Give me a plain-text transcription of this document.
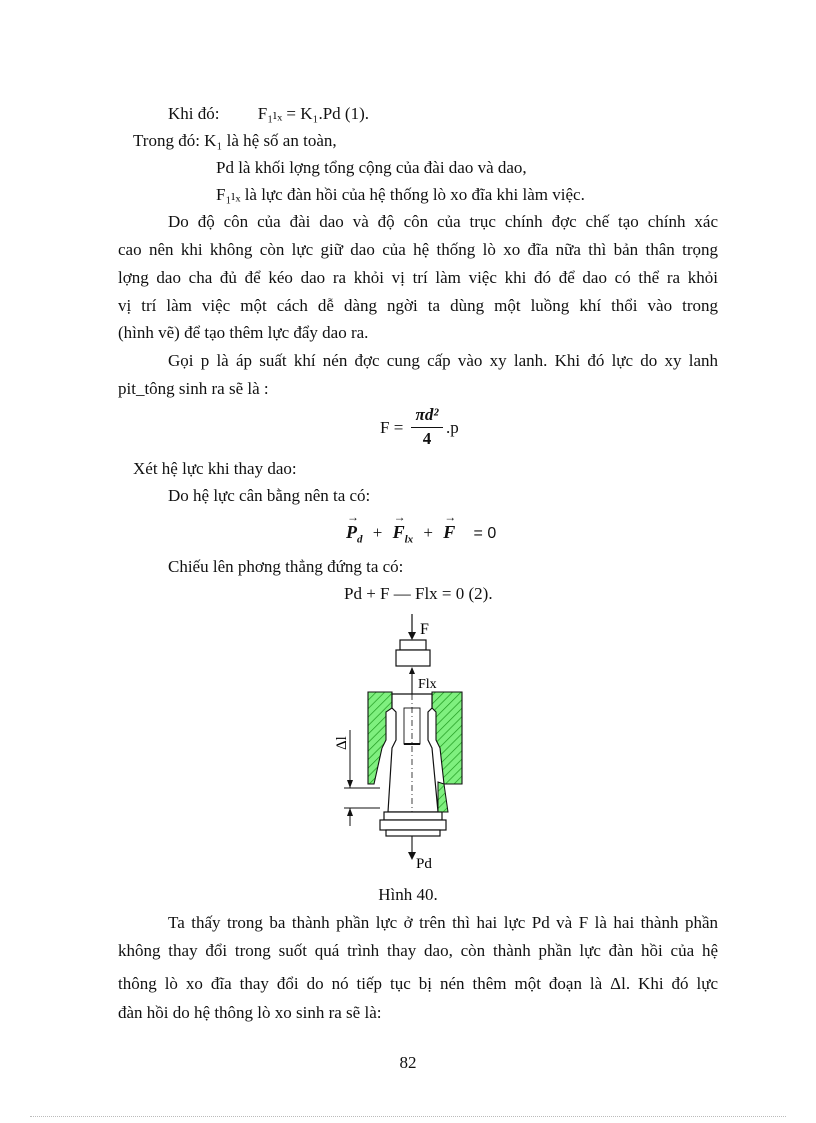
Khi đó: F₁ₗₓ = K₁.Pd (1).
Trong đó: K₁ là hệ số an toàn,
Pd là khối lợng tổng cộng của đài dao và dao,
F₁ₗₓ là lực đàn hồi của hệ thống lò xo đĩa khi làm việc.
Do độ côn của đài dao và độ côn của trục chính đợc chế tạo chính xác
cao nên khi không còn lực giữ dao của hệ thống lò xo đĩa nữa thì bản thân trọng
lợng dao cha đủ để kéo dao ra khỏi vị trí làm việc khi đó để dao có thể ra khỏi
vị trí làm việc một cách dễ dàng ngời ta dùng một luồng khí thổi vào trong
(hình vẽ) để tạo thêm lực đẩy dao ra.
Gọi p là áp suất khí nén đợc cung cấp vào xy lanh. Khi đó lực do xy lanh
pit_tông sinh ra sẽ là :
F =
πd²
4
.p
Xét hệ lực khi thay dao:
Do hệ lực cân bằng nên ta có:
→ $P_d$ + → $F_{lx}$ + → F = 0
Chiếu lên phơng thẳng đứng ta có:
Pd + F — Flx = 0 (2).
F
Flx
Pd
Δl
Hình 40.
Ta thấy trong ba thành phần lực ở trên thì hai lực Pd và F là hai thành phần
không thay đổi trong suốt quá trình thay dao, còn thành phần lực đàn hồi của hệ
thông lò xo đĩa thay đổi do nó tiếp tục bị nén thêm một đoạn là Δl. Khi đó lực
đàn hồi do hệ thông lò xo sinh ra sẽ là:
82
